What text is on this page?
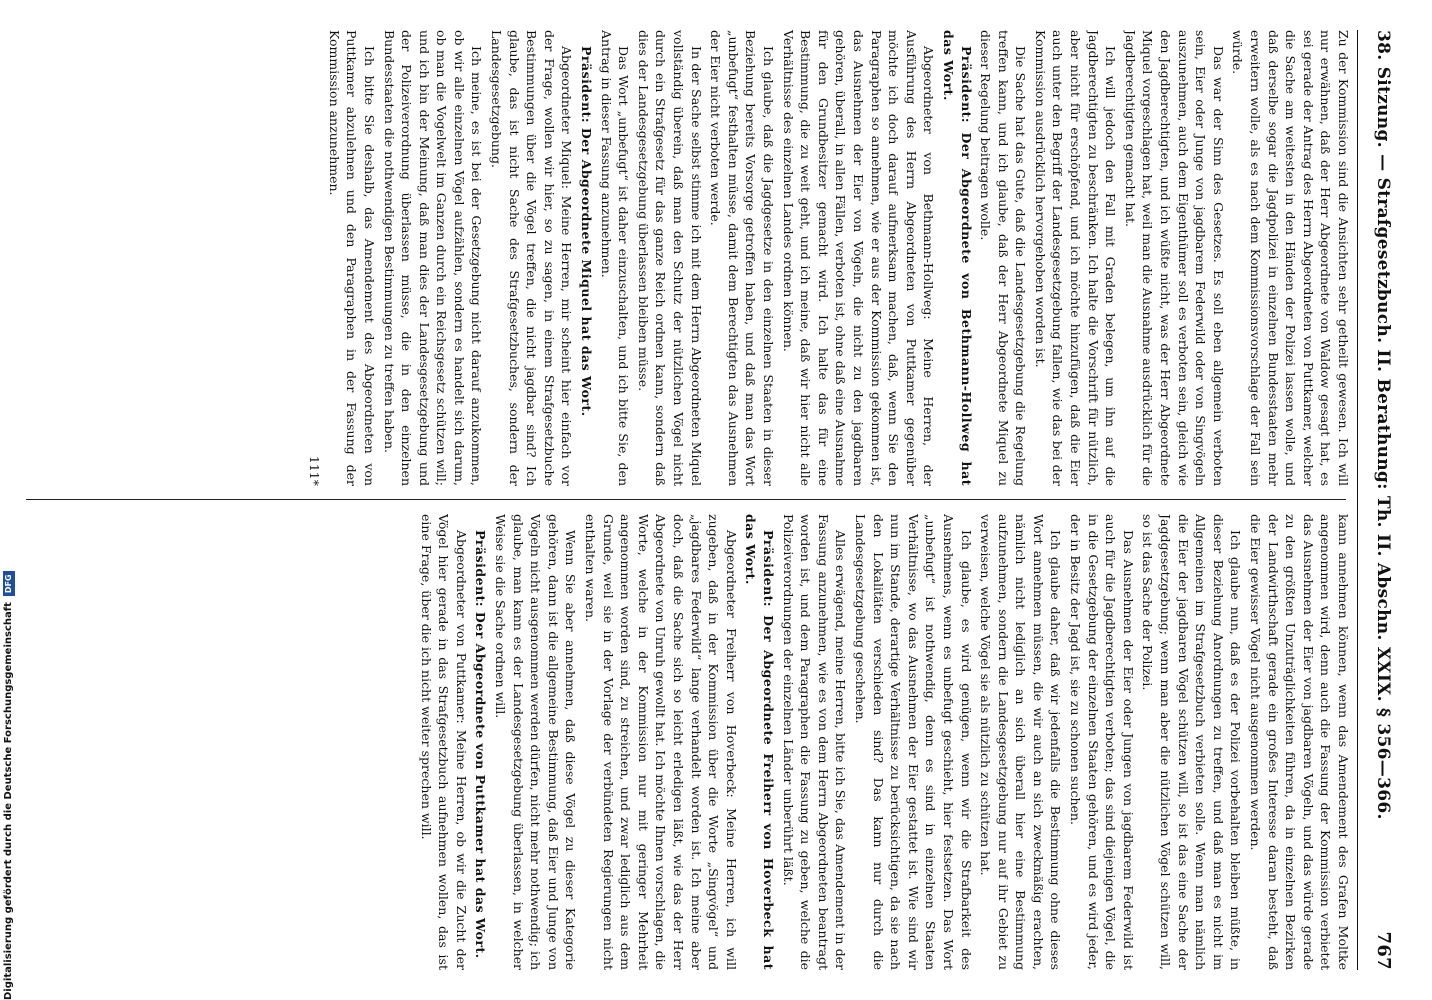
38. Sitzung. — Strafgesetzbuch. II. Berathung: Th. II. Abschn. XXIX. § 356—366.
767

Zu der Kommission sind die Ansichten sehr getheilt gewesen. Ich will nur erwähnen, daß der Herr Abgeordnete von Waldow gesagt hat, es sei gerade der Antrag des Herrn Abgeordneten von Puttkamer, welcher die Sache am weitesten in den Händen der Polizei lassen wolle, und daß derselbe sogar die Jagdpolizei in einzelnen Bundesstaaten mehr erweitern wolle, als es nach dem Kommissionsvorschlage der Fall sein würde.

Das war der Sinn des Gesetzes. Es soll eben allgemein verboten sein, Eier oder Junge von jagdbarem Federwild oder von Singvögeln auszunehmen, auch dem Eigenthümer soll es verboten sein, gleich wie den Jagdberechtigten, und ich wüßte nicht, was der Herr Abgeordnete Miquel vorgeschlagen hat, weil man die Ausnahme ausdrücklich für die Jagdberechtigten gemacht hat.

Ich will jedoch den Fall mit Graden belegen, um ihn auf die Jagdberechtigten zu beschränken. Ich halte die Vorschrift für nützlich, aber nicht für erschöpfend, und ich möchte hinzufügen, daß die Eier auch unter den Begriff der Landesgesetzgebung fallen, wie das bei der Kommission ausdrücklich hervorgehoben worden ist.

Die Sache hat das Gute, daß die Landesgesetzgebung die Regelung treffen kann, und ich glaube, daß der Herr Abgeordnete Miquel zu dieser Regelung beitragen wolle.

Präsident: Der Abgeordnete von Bethmann-Hollweg hat das Wort.

Abgeordneter von Bethmann-Hollweg: Meine Herren, der Ausführung des Herrn Abgeordneten von Puttkamer gegenüber möchte ich doch darauf aufmerksam machen, daß, wenn Sie den Paragraphen so annehmen, wie er aus der Kommission gekommen ist, das Ausnehmen der Eier von Vögeln, die nicht zu den jagdbaren gehören, überall, in allen Fällen, verboten ist, ohne daß eine Ausnahme für den Grundbesitzer gemacht wird. Ich halte das für eine Bestimmung, die zu weit geht, und ich meine, daß wir hier nicht alle Verhältnisse des einzelnen Landes ordnen können.

Ich glaube, daß die Jagdgesetze in den einzelnen Staaten in dieser Beziehung bereits Vorsorge getroffen haben, und daß man das Wort „unbefugt“ festhalten müsse, damit dem Berechtigten das Ausnehmen der Eier nicht verboten werde.

In der Sache selbst stimme ich mit dem Herrn Abgeordneten Miquel vollständig überein, daß man den Schutz der nützlichen Vögel nicht durch ein Strafgesetz für das ganze Reich ordnen kann, sondern daß dies der Landesgesetzgebung überlassen bleiben müsse.

Das Wort „unbefugt“ ist daher einzuschalten, und ich bitte Sie, den Antrag in dieser Fassung anzunehmen.

Präsident: Der Abgeordnete Miquel hat das Wort.

Abgeordneter Miquel: Meine Herren, mir scheint hier einfach vor der Frage, wollen wir hier, so zu sagen, in einem Strafgesetzbuche Bestimmungen über die Vögel treffen, die nicht jagdbar sind? Ich glaube, das ist nicht Sache des Strafgesetzbuches, sondern der Landesgesetzgebung.

Ich meine, es ist bei der Gesetzgebung nicht darauf anzukommen, ob wir alle einzelnen Vögel aufzählen, sondern es handelt sich darum, ob man die Vogelwelt im Ganzen durch ein Reichsgesetz schützen will; und ich bin der Meinung, daß man dies der Landesgesetzgebung und der Polizeiverordnung überlassen müsse, die in den einzelnen Bundesstaaten die nothwendigen Bestimmungen zu treffen haben.

Ich bitte Sie deshalb, das Amendement des Abgeordneten von Puttkamer abzulehnen und den Paragraphen in der Fassung der Kommission anzunehmen.

111*

kann annehmen können, wenn das Amendement des Grafen Moltke angenommen wird, denn auch die Fassung der Kommission verbietet das Ausnehmen der Eier von jagdbaren Vögeln, und das würde gerade zu den größten Unzuträglichkeiten führen, da in einzelnen Bezirken der Landwirthschaft gerade ein großes Interesse daran besteht, daß die Eier gewisser Vögel nicht ausgenommen werden.

Ich glaube nun, daß es der Polizei vorbehalten bleiben müßte, in dieser Beziehung Anordnungen zu treffen, und daß man es nicht im Allgemeinen im Strafgesetzbuch verbieten solle. Wenn man nämlich die Eier der jagdbaren Vögel schützen will, so ist das eine Sache der Jagdgesetzgebung; wenn man aber die nützlichen Vögel schützen will, so ist das Sache der Polizei.

Das Ausnehmen der Eier oder Jungen von jagdbarem Federwild ist auch für die Jagdberechtigten verboten; das sind diejenigen Vögel, die in die Gesetzgebung der einzelnen Staaten gehören, und es wird jeder, der in Besitz der Jagd ist, sie zu schonen suchen.

Ich glaube daher, daß wir jedenfalls die Bestimmung ohne dieses Wort annehmen müssen, die wir auch an sich zweckmäßig erachten, nämlich nicht lediglich an sich überall hier eine Bestimmung aufzunehmen, sondern die Landesgesetzgebung nur auf ihr Gebiet zu verweisen, welche Vögel sie als nützlich zu schützen hat.

Ich glaube, es wird genügen, wenn wir die Strafbarkeit des Ausnehmens, wenn es unbefugt geschieht, hier festsetzen. Das Wort „unbefugt“ ist nothwendig, denn es sind in einzelnen Staaten Verhältnisse, wo das Ausnehmen der Eier gestattet ist. Wie sind wir nun im Stande, derartige Verhältnisse zu berücksichtigen, da sie nach den Lokalitäten verschieden sind? Das kann nur durch die Landesgesetzgebung geschehen.

Alles erwägend, meine Herren, bitte ich Sie, das Amendement in der Fassung anzunehmen, wie es von dem Herrn Abgeordneten beantragt worden ist, und dem Paragraphen die Fassung zu geben, welche die Polizeiverordnungen der einzelnen Länder unberührt läßt.

Präsident: Der Abgeordnete Freiherr von Hoverbeck hat das Wort.

Abgeordneter Freiherr von Hoverbeck: Meine Herren, ich will zugeben, daß in der Kommission über die Worte „Singvögel“ und „jagdbares Federwild“ lange verhandelt worden ist. Ich meine aber doch, daß die Sache sich so leicht erledigen läßt, wie das der Herr Abgeordnete von Unruh gewollt hat. Ich möchte Ihnen vorschlagen, die Worte, welche in der Kommission nur mit geringer Mehrheit angenommen worden sind, zu streichen, und zwar lediglich aus dem Grunde, weil sie in der Vorlage der verbündeten Regierungen nicht enthalten waren.

Wenn Sie aber annehmen, daß diese Vögel zu dieser Kategorie gehören, dann ist die allgemeine Bestimmung, daß Eier und Junge von Vögeln nicht ausgenommen werden dürfen, nicht mehr nothwendig; ich glaube, man kann es der Landesgesetzgebung überlassen, in welcher Weise sie die Sache ordnen will.

Präsident: Der Abgeordnete von Puttkamer hat das Wort.

Abgeordneter von Puttkamer: Meine Herren, ob wir die Zucht der Vögel hier gerade in das Strafgesetzbuch aufnehmen wollen, das ist eine Frage, über die ich nicht weiter sprechen will.

Digitalisierung gefördert durch die Deutsche Forschungsgemeinschaft
DFG
